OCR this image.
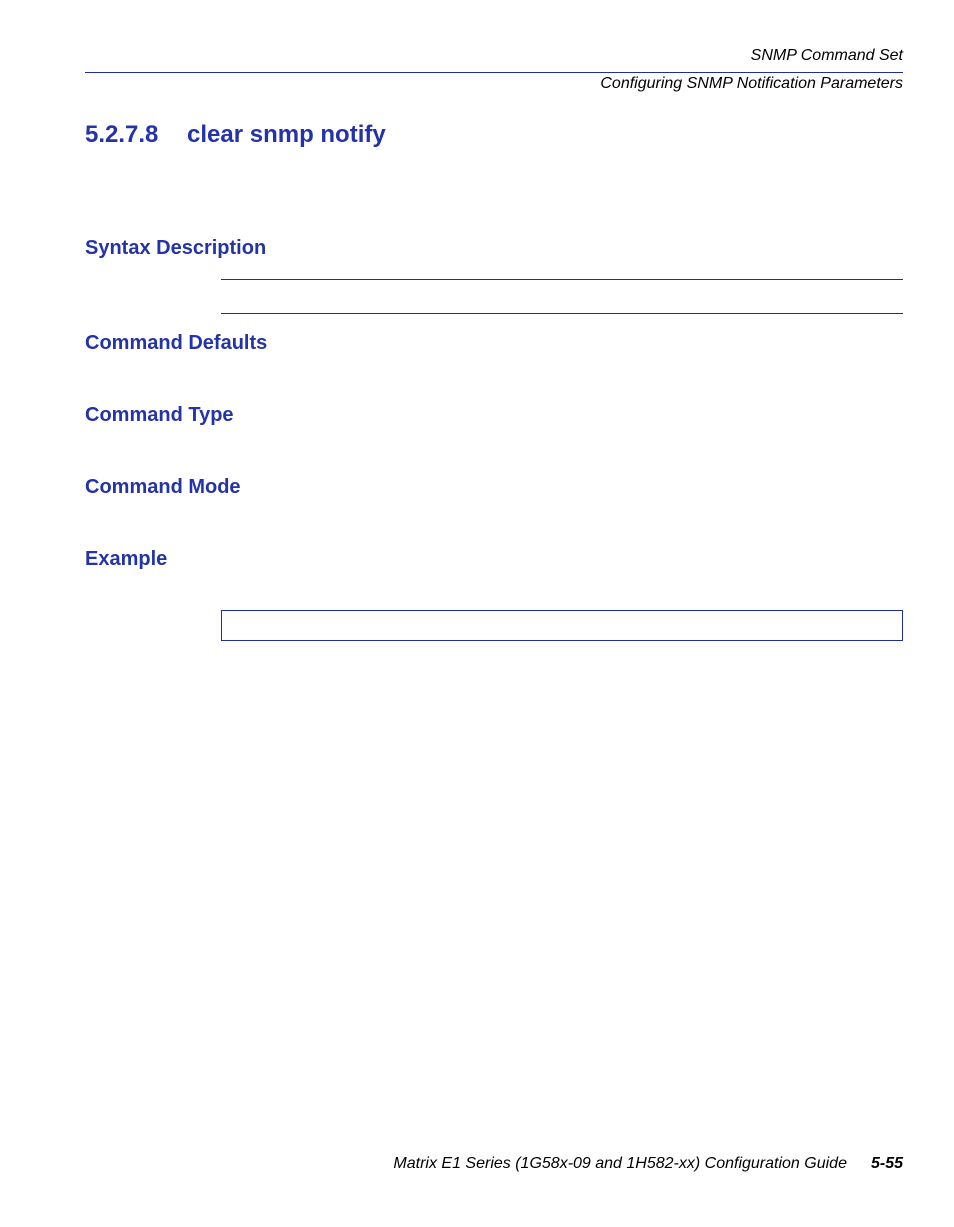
SNMP Command Set
Configuring SNMP Notification Parameters
5.2.7.8 clear snmp notify
Syntax Description
Command Defaults
Command Type
Command Mode
Example
Matrix E1 Series (1G58x-09 and 1H582-xx) Configuration Guide 5-55
